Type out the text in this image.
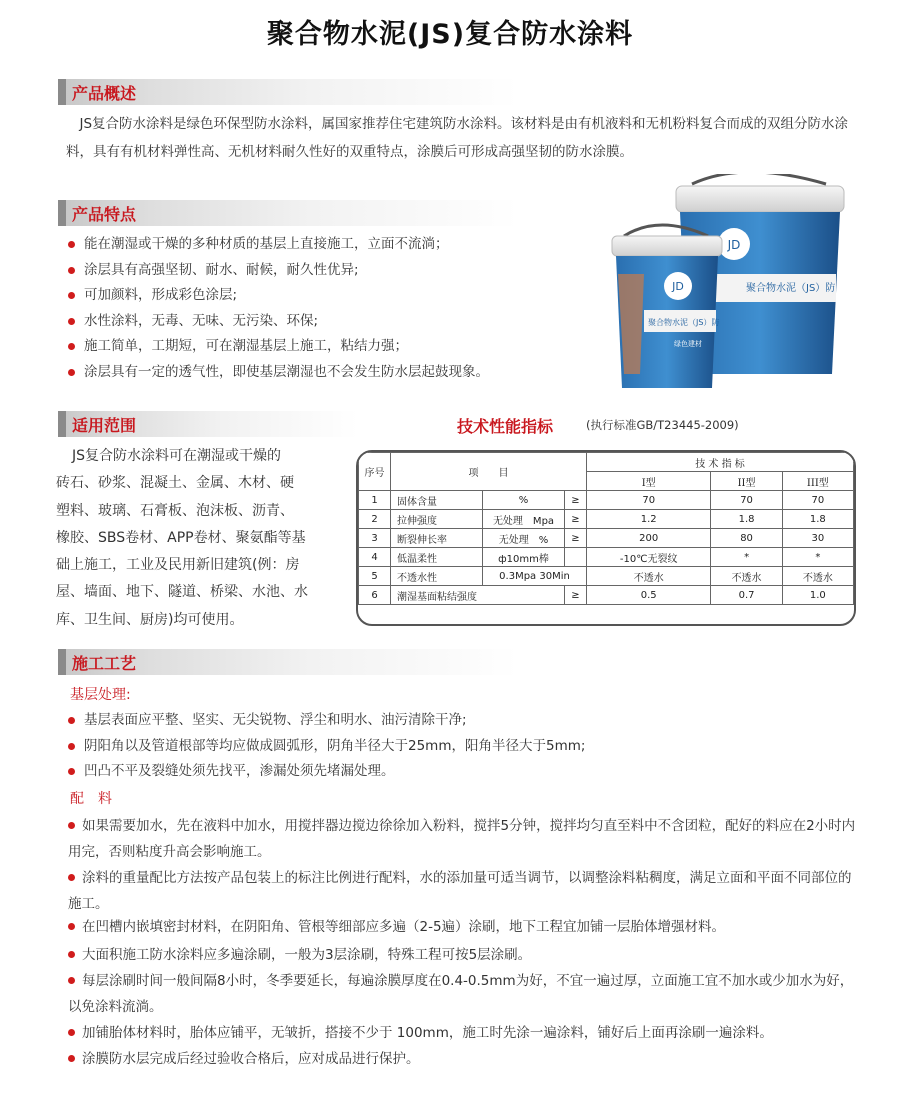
聚合物水泥(JS)复合防水涂料
产品概述

JS复合防水涂料是绿色环保型防水涂料，属国家推荐住宅建筑防水涂料。该材料是由有机液料和无机粉料复合而成的双组分防水涂料，具有有机材料弹性高、无机材料耐久性好的双重特点，涂膜后可形成高强坚韧的防水涂膜。

产品特点
能在潮湿或干燥的多种材质的基层上直接施工，立面不流淌；
涂层具有高强坚韧、耐水、耐候，耐久性优异;
可加颜料，形成彩色涂层;
水性涂料，无毒、无味、无污染、环保;
施工简单，工期短，可在潮湿基层上施工，粘结力强；
涂层具有一定的透气性，即使基层潮湿也不会发生防水层起鼓现象。
JD
聚合物水泥（JS）防
JD
聚合物水泥（JS）防
绿色建材
适用范围
JS复合防水涂料可在潮湿或干燥的
砖石、砂浆、混凝土、金属、木材、硬
塑料、玻璃、石膏板、泡沫板、沥青、
橡胶、SBS卷材、APP卷材、聚氨酯等基
础上施工，工业及民用新旧建筑(例：房
屋、墙面、地下、隧道、桥梁、水池、水
库、卫生间、厨房)均可使用。
技术性能指标	(执行标准GB/T23445-2009)
序号	项　　目			技 术 指 标		
				I型	II型	III型
1	固体含量	%	≥	70	70	70
2	拉伸强度	无处理　Mpa	≥	1.2	1.8	1.8
3	断裂伸长率	无处理　%	≥	200	80	30
4	低温柔性	ф10mm棒		-10℃无裂纹	*	*
5	不透水性	0.3Mpa 30Min		不透水	不透水	不透水
6	潮湿基面粘结强度		≥	0.5	0.7	1.0
施工工艺
基层处理:
基层表面应平整、坚实、无尖锐物、浮尘和明水、油污清除干净;
阴阳角以及管道根部等均应做成圆弧形，阴角半径大于25mm，阳角半径大于5mm;
凹凸不平及裂缝处须先找平，渗漏处须先堵漏处理。
配　料

如果需要加水，先在液料中加水，用搅拌器边搅边徐徐加入粉料，搅拌5分钟，搅拌均匀直至料中不含团粒，配好的料应在2小时内用完，否则粘度升高会影响施工。

涂料的重量配比方法按产品包装上的标注比例进行配料，水的添加量可适当调节，以调整涂料粘稠度，满足立面和平面不同部位的施工。

在凹槽内嵌填密封材料，在阴阳角、管根等细部应多遍（2-5遍）涂刷，地下工程宜加铺一层胎体增强材料。

大面积施工防水涂料应多遍涂刷，一般为3层涂刷，特殊工程可按5层涂刷。

每层涂刷时间一般间隔8小时，冬季要延长，每遍涂膜厚度在0.4-0.5mm为好，不宜一遍过厚，立面施工宜不加水或少加水为好，以免涂料流淌。

加铺胎体材料时，胎体应铺平，无皱折，搭接不少于 100mm，施工时先涂一遍涂料，铺好后上面再涂刷一遍涂料。

涂膜防水层完成后经过验收合格后，应对成品进行保护。
